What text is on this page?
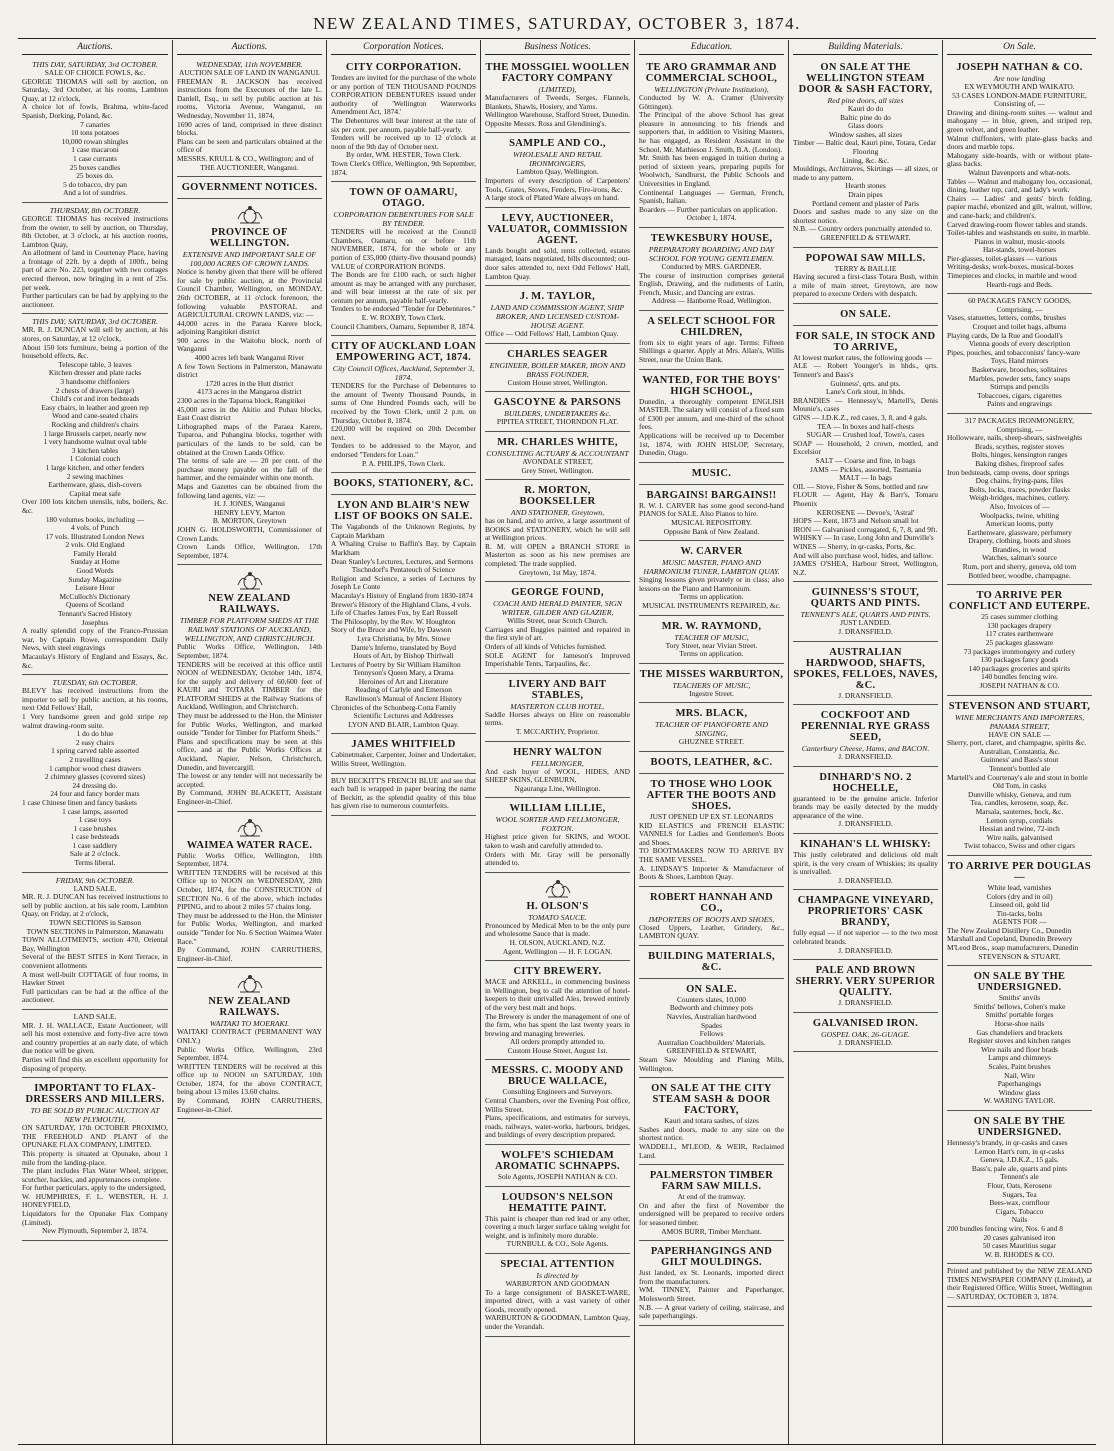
NEW ZEALAND TIMES, SATURDAY, OCTOBER 3, 1874.
Auctions.
THIS DAY, SATURDAY, 3rd OCTOBER.
SALE OF CHOICE FOWLS, &c.
GEORGE THOMAS will sell by auction, on Saturday, 3rd October, at his rooms, Lambton Quay, at 12 o'clock,
A choice lot of fowls, Brahma, white-faced Spanish, Dorking, Poland, &c.
7 canaries
10 tons potatoes
10,000 rowan shingles
1 case macaroni
1 case currants
25 boxes candles
25 boxes do.
5 do tobacco, dry pan
And a lot of sundries.
THURSDAY, 8th OCTOBER.
GEORGE THOMAS has received instructions from the owner, to sell by auction, on Thursday, 8th October, at 3 o'clock, at his auction rooms, Lambton Quay,
An allotment of land in Courtenay Place, having a frontage of 22ft. by a depth of 100ft., being part of acre No. 223, together with two cottages erected thereon, now bringing in a rent of 25s. per week.
Further particulars can be had by applying to the auctioneer.
THIS DAY, SATURDAY, 3rd OCTOBER.
MR. R. J. DUNCAN will sell by auction, at his stores, on Saturday, at 12 o'clock,
About 150 lots furniture, being a portion of the household effects, &c.
Telescope table, 3 leaves
Kitchen dresser and plate racks
3 handsome chiffoniers
2 chests of drawers (large)
Child's cot and iron bedsteads
Easy chairs, in leather and green rep
Wood and cane-seated chairs
Rocking and children's chairs
1 large Brussels carpet, nearly new
1 very handsome walnut oval table
3 kitchen tables
1 Colonial couch
1 large kitchen, and other fenders
2 sewing machines
Earthenware, glass, dish-covers
Capital meat safe
Over 100 lots kitchen utensils, tubs, boilers, &c. &c.
180 volumes books, including —
4 vols. of Punch
17 vols. Illustrated London News
2 vols. Old England
Family Herald
Sunday at Home
Good Words
Sunday Magazine
Leisure Hour
McCulloch's Dictionary
Queens of Scotland
Tennant's Sacred History
Josephus
A really splendid copy of the Franco-Prussian war, by Captain Rowe, correspondent Daily News, with steel engravings
Macaulay's History of England and Essays, &c. &c.
TUESDAY, 6th OCTOBER.
BLEVY has received instructions from the importer to sell by public auction, at his rooms, next Odd Fellows' Hall,
1 Very handsome green and gold stripe rep walnut drawing-room suite.
1 do do blue
2 easy chairs
1 spring carved table assorted
2 travelling cases
1 camphor wood chest drawers
2 chimney glasses (covered sizes)
24 dressing do.
24 four and fancy border mats
1 case Chinese linen and fancy baskets
1 case lamps, assorted
1 case toys
1 case brushes
1 case bedsteads
1 case saddlery
Sale at 2 o'clock.
Terms liberal.
FRIDAY, 9th OCTOBER.
LAND SALE.
MR. R. J. DUNCAN has received instructions to sell by public auction, at his sale room, Lambton Quay, on Friday, at 2 o'clock,
TOWN SECTIONS in Samson
TOWN SECTIONS in Palmerston, Manawatu
TOWN ALLOTMENTS, section 470, Oriental Bay, Wellington
Several of the BEST SITES in Kent Terrace, in convenient allotments
A most well-built COTTAGE of four rooms, in Hawker Street
Full particulars can be had at the office of the auctioneer.
LAND SALE.
MR. J. H. WALLACE, Estate Auctioneer, will sell his most extensive and forty-five acre town and country properties at an early date, of which due notice will be given.
Parties will find this an excellent opportunity for disposing of property.
IMPORTANT TO FLAX-DRESSERS AND MILLERS.
TO BE SOLD BY PUBLIC AUCTION AT NEW PLYMOUTH,
ON SATURDAY, 17th OCTOBER PROXIMO, THE FREEHOLD AND PLANT of the OPUNAKE FLAX COMPANY, LIMITED.
This property is situated at Opunake, about 1 mile from the landing-place.
The plant includes Flax Water Wheel, stripper, scutcher, hackles, and appurtenances complete.
For further particulars, apply to the undersigned,
W. HUMPHRIES, F. L. WEBSTER, H. J. HONEYFIELD,
Liquidators for the Opunake Flax Company (Limited).
New Plymouth, September 2, 1874.
Auctions.
WEDNESDAY, 11th NOVEMBER.
AUCTION SALE OF LAND IN WANGANUI.
FREEMAN R. JACKSON has received instructions from the Executors of the late L. Danlell, Esq., to sell by public auction at his rooms, Victoria Avenue, Wanganui, on Wednesday, November 11, 1874,
1690 acres of land, comprised in three distinct blocks.
Plans can be seen and particulars obtained at the office of
MESSRS. KRULL & CO., Wellington; and of
THE AUCTIONEER, Wanganui.
GOVERNMENT NOTICES.
PROVINCE OF WELLINGTON.
EXTENSIVE AND IMPORTANT SALE OF 100,000 ACRES OF CROWN LANDS.
Notice is hereby given that there will be offered for sale by public auction, at the Provincial Council Chamber, Wellington, on MONDAY, 26th OCTOBER, at 11 o'clock forenoon, the following valuable PASTORAL and AGRICULTURAL CROWN LANDS, viz: —
44,000 acres in the Paraea Karere block, adjoining Rangitikei district
900 acres in the Waitohu block, north of Wanganui
4000 acres left bank Wanganui River
A few Town Sections in Palmerston, Manawatu district
1720 acres in the Hutt district
4173 acres in the Mangaroa district
2300 acres in the Taparoa block, Rangitikei
45,000 acres in the Akitio and Puhau blocks, East Coast district
Lithographed maps of the Paraea Karere, Tuparoa, and Puhangina blocks, together with particulars of the lands to be sold, can be obtained at the Crown Lands Office.
The terms of sale are — 20 per cent. of the purchase money payable on the fall of the hammer, and the remainder within one month.
Maps and Gazettes can be obtained from the following land agents, viz: —
H. J. JONES, Wanganui
HENRY LEVY, Marton
B. MORTON, Greytown
JOHN G. HOLDSWORTH, Commissioner of Crown Lands.
Crown Lands Office, Wellington, 17th September, 1874.
NEW ZEALAND RAILWAYS.
TIMBER FOR PLATFORM SHEDS AT THE RAILWAY STATIONS OF AUCKLAND, WELLINGTON, AND CHRISTCHURCH.
Public Works Office, Wellington, 14th September, 1874.
TENDERS will be received at this office until NOON of WEDNESDAY, October 14th, 1874, for the supply and delivery of 60,600 feet of KAURI and TOTARA TIMBER for the PLATFORM SHEDS at the Railway Stations of Auckland, Wellington, and Christchurch.
They must be addressed to the Hon. the Minister for Public Works, Wellington, and marked outside "Tender for Timber for Platform Sheds."
Plans and specifications may be seen at this office, and at the Public Works Offices at Auckland, Napier, Nelson, Christchurch, Dunedin, and Invercargill.
The lowest or any tender will not necessarily be accepted.
By Command, JOHN BLACKETT, Assistant Engineer-in-Chief.
WAIMEA WATER RACE.
Public Works Office, Wellington, 10th September, 1874.
WRITTEN TENDERS will be received at this Office up to NOON on WEDNESDAY, 28th October, 1874, for the CONSTRUCTION of SECTION No. 6 of the above, which includes PIPING, and to about 2 miles 57 chains long.
They must be addressed to the Hon. the Minister for Public Works, Wellington, and marked outside "Tender for No. 6 Section Waimea Water Race."
By Command, JOHN CARRUTHERS, Engineer-in-Chief.
NEW ZEALAND RAILWAYS.
WAITAKI TO MOERAKI.
WAITAKI CONTRACT (PERMANENT WAY ONLY.)
Public Works Office, Wellington, 23rd September, 1874.
WRITTEN TENDERS will be received at this office up to NOON on SATURDAY, 10th October, 1874, for the above CONTRACT, being about 13 miles 13.60 chains.
By Command, JOHN CARRUTHERS, Engineer-in-Chief.
Corporation Notices.
CITY CORPORATION.
Tenders are invited for the purchase of the whole or any portion of TEN THOUSAND POUNDS CORPORATION DEBENTURES issued under authority of 'Wellington Waterworks Amendment Act, 1874.'
The Debentures will bear interest at the rate of six per cent. per annum, payable half-yearly.
Tenders will be received up to 12 o'clock at noon of the 9th day of October next.
By order, WM. HESTER, Town Clerk.
Town Clerk's Office, Wellington, 9th September, 1874.
TOWN OF OAMARU, OTAGO.
CORPORATION DEBENTURES FOR SALE BY TENDER.
TENDERS will be received at the Council Chambers, Oamaru, on or before 11th NOVEMBER, 1874, for the whole or any portion of £35,000 (thirty-five thousand pounds) VALUE of CORPORATION BONDS.
The Bonds are for £100 each, or such higher amount as may be arranged with any purchaser, and will bear interest at the rate of six per centum per annum, payable half-yearly.
Tenders to be endorsed "Tender for Debentures."
E. W. ROXBY, Town Clerk.
Council Chambers, Oamaru, September 8, 1874.
CITY OF AUCKLAND LOAN EMPOWERING ACT, 1874.
City Council Offices, Auckland, September 3, 1874.
TENDERS for the Purchase of Debentures to the amount of Twenty Thousand Pounds, in sums of One Hundred Pounds each, will be received by the Town Clerk, until 2 p.m. on Thursday, October 8, 1874.
£20,000 will be required on 20th December next.
Tenders to be addressed to the Mayor, and endorsed "Tenders for Loan."
P. A. PHILIPS, Town Clerk.
BOOKS, STATIONERY, &C.
LYON AND BLAIR'S NEW LIST OF BOOKS ON SALE.
The Vagabonds of the Unknown Regions, by Captain Markham
A Whaling Cruise to Baffin's Bay, by Captain Markham
Dean Stanley's Lectures, Lectures, and Sermons
Tischndorf's Pentateuch of Science
Religion and Science, a series of Lectures by Joseph Le Conte
Macaulay's History of England from 1830-1874
Brewer's History of the Highland Clans, 4 vols.
Life of Charles James Fox, by Earl Russell
The Philosophy, by the Rev. W. Houghton
Story of the Bruce and Wife, by Dawson
Lyra Christiana, by Mrs. Stowe
Dante's Inferno, translated by Boyd
Hours of Art, by Bishop Thirlwall
Lectures of Poetry by Sir William Hamilton
Tennyson's Queen Mary, a Drama
Heroines of Art and Literature
Reading of Carlyle and Emerson
Rawlinson's Manual of Ancient History
Chronicles of the Schonberg-Cotta Family
Scientific Lectures and Addresses
LYON AND BLAIR, Lambton Quay.
JAMES WHITFIELD
Cabinetmaker, Carpenter, Joiner and Undertaker, Willis Street, Wellington.
BUY BECKITT'S FRENCH BLUE and see that each ball is wrapped in paper bearing the name of Beckitt, as the splendid quality of this blue has given rise to numerous counterfeits.
Business Notices.
THE MOSSGIEL WOOLLEN FACTORY COMPANY
(LIMITED),
Manufacturers of Tweeds, Serges, Flannels, Blankets, Shawls, Hosiery, and Yarns.
Wellington Warehouse, Stafford Street, Dunedin.
Opposite Messrs. Ross and Glendining's.
SAMPLE AND CO.,
WHOLESALE AND RETAIL IRONMONGERS,
Lambton Quay, Wellington.
Importers of every description of Carpenters' Tools, Grates, Stoves, Fenders, Fire-irons, &c.
A large stock of Plated Ware always on hand.
LEVY, AUCTIONEER, VALUATOR, COMMISSION AGENT.
Lands bought and sold, rents collected, estates managed, loans negotiated, bills discounted; out-door sales attended to, next Odd Fellows' Hall, Lambton Quay.
J. M. TAYLOR,
LAND AND COMMISSION AGENT, SHIP BROKER, AND LICENSED CUSTOM-HOUSE AGENT.
Office — Odd Fellows' Hall, Lambton Quay.
CHARLES SEAGER
ENGINEER, BOILER MAKER, IRON AND BRASS FOUNDER,
Custom House street, Wellington.
GASCOYNE & PARSONS
BUILDERS, UNDERTAKERS &c.
PIPITEA STREET, THORNDON FLAT.
MR. CHARLES WHITE,
CONSULTING ACTUARY & ACCOUNTANT
AVONDALE STREET,
Grey Street, Wellington.
R. MORTON, BOOKSELLER
AND STATIONER, Greytown,
has on hand, and to arrive, a large assortment of BOOKS and STATIONERY, which he will sell at Wellington prices.
R. M. will OPEN a BRANCH STORE in Masterton as soon as his new premises are completed. The trade supplied.
Greytown, 1st May, 1874.
GEORGE FOUND,
COACH AND HERALD PAINTER, SIGN WRITER, GILDER AND GLAZIER,
Willis Street, near Scotch Church.
Carriages and Buggies painted and repaired in the first style of art.
Orders of all kinds of Vehicles furnished.
SOLE AGENT for Jameson's Improved Imperishable Tents, Tarpaulins, &c.
LIVERY AND BAIT STABLES,
MASTERTON CLUB HOTEL.
Saddle Horses always on Hire on reasonable terms.
T. MCCARTHY, Proprietor.
HENRY WALTON
FELLMONGER,
And cash buyer of WOOL, HIDES, AND SHEEP SKINS, GLENBURN,
Ngauranga Line, Wellington.
WILLIAM LILLIE,
WOOL SORTER AND FELLMONGER, FOXTON.
Highest price given for SKINS, and WOOL taken to wash and carefully attended to.
Orders with Mr. Gray will be personally attended to.
H. OLSON'S
TOMATO SAUCE.
Pronounced by Medical Men to be the only pure and wholesome Sauce that is made.
H. OLSON, AUCKLAND, N.Z.
Agent, Wellington — H. F. LOGAN.
CITY BREWERY.
MACE and ARKELL, in commencing business in Wellington, beg to call the attention of hotel-keepers to their unrivalled Ales, brewed entirely of the very best malt and hops.
The Brewery is under the management of one of the firm, who has spent the last twenty years in brewing and managing breweries.
All orders promptly attended to.
Custom House Street, August 1st.
MESSRS. C. MOODY AND BRUCE WALLACE,
Consulting Engineers and Surveyors.
Central Chambers, over the Evening Post office, Willis Street.
Plans, specifications, and estimates for surveys, roads, railways, water-works, harbours, bridges, and buildings of every description prepared.
WOLFE'S SCHIEDAM AROMATIC SCHNAPPS.
Sole Agents, JOSEPH NATHAN & CO.
LOUDSON'S NELSON HEMATITE PAINT.
This paint is cheaper than red lead or any other, covering a much larger surface taking weight for weight, and is infinitely more durable.
TURNBULL & CO., Sole Agents.
SPECIAL ATTENTION
Is directed by
WARBURTON AND GOODMAN
To a large consignment of BASKET-WARE, imported direct, with a vast variety of other Goods, recently opened.
WARBURTON & GOODMAN, Lambton Quay, under the Verandah.
Education.
TE ARO GRAMMAR AND COMMERCIAL SCHOOL,
WELLINGTON (Private Institution),
Conducted by W. A. Cramer (University Göttingen).
The Principal of the above School has great pleasure in announcing to his friends and supporters that, in addition to Visiting Masters, he has engaged, as Resident Assistant in the School, Mr. Mathieson J. Smith, B.A. (London).
Mr. Smith has been engaged in tuition during a period of sixteen years, preparing pupils for Woolwich, Sandhurst, the Public Schools and Universities in England.
Continental Languages — German, French, Spanish, Italian.
Boarders — Further particulars on application.
October 1, 1874.
TEWKESBURY HOUSE,
PREPARATORY BOARDING AND DAY SCHOOL FOR YOUNG GENTLEMEN.
Conducted by MRS. GARDNER.
The course of instruction comprises general English, Drawing, and the rudiments of Latin, French, Music, and Dancing are extras.
Address — Hanborne Road, Wellington.
A SELECT SCHOOL FOR CHILDREN,
from six to eight years of age. Terms: Fifteen Shillings a quarter. Apply at Mrs. Allan's, Willis Street, near the Union Bank.
WANTED, FOR THE BOYS' HIGH SCHOOL,
Dunedin, a thoroughly competent ENGLISH MASTER. The salary will consist of a fixed sum of £300 per annum, and one-third of the school fees.
Applications will be received up to December 1st, 1874, with JOHN HISLOP, Secretary, Dunedin, Otago.
MUSIC.
BARGAINS! BARGAINS!!
R. W. I. CARVER has some good second-hand PIANOS for SALE. Also Pianos to hire.
MUSICAL REPOSITORY.
Opposite Bank of New Zealand.
W. CARVER
MUSIC MASTER, PIANO AND HARMONIUM TUNER, LAMBTON QUAY.
Singing lessons given privately or in class; also lessons on the Piano and Harmonium.
Terms on application.
MUSICAL INSTRUMENTS REPAIRED, &c.
MR. W. RAYMOND,
TEACHER OF MUSIC,
Tory Street, near Vivian Street.
Terms on application.
THE MISSES WARBURTON,
TEACHERS OF MUSIC,
Ingestre Street.
MRS. BLACK,
TEACHER OF PIANOFORTE AND SINGING,
GHUZNEE STREET.
BOOTS, LEATHER, &C.
TO THOSE WHO LOOK AFTER THE BOOTS AND SHOES.
JUST OPENED UP EX ST. LEONARDS
KID ELASTICS and FRENCH ELASTIC VANNELS for Ladies and Gentlemen's Boots and Shoes.
TO BOOTMAKERS NOW TO ARRIVE BY THE SAME VESSEL.
A. LINDSAY'S Importer & Manufacturer of Boots & Shoes, Lambton Quay.
ROBERT HANNAH AND CO.,
IMPORTERS OF BOOTS AND SHOES,
Closed Uppers, Leather, Grindery, &c., LAMBTON QUAY.
BUILDING MATERIALS, &C.
ON SALE.
Counters slates, 10,000
Bedworth and chimney pots
Navvies, Australian hardwood
Spades
Fellows
Australian Coachbuilders' Materials.
GREENFIELD & STEWART,
Steam Saw Moulding and Planing Mills, Wellington.
ON SALE AT THE CITY STEAM SASH & DOOR FACTORY,
Kauri and totara sashes, of sizes
Sashes and doors, made to any size on the shortest notice.
WADDELL, M'LEOD, & WEIR, Reclaimed Land.
PALMERSTON TIMBER FARM SAW MILLS.
At end of the tramway.
On and after the first of November the undersigned will be prepared to receive orders for seasoned timber.
AMOS BURR, Timber Merchant.
PAPERHANGINGS AND GILT MOULDINGS.
Just landed, ex St. Leonards, imported direct from the manufacturers.
WM. TINNEY, Painter and Paperhanger, Molesworth Street.
N.B. — A great variety of ceiling, staircase, and sale paperhangings.
Building Materials.
ON SALE AT THE WELLINGTON STEAM DOOR & SASH FACTORY,
Red pine doors, all sizes
Kauri do do
Baltic pine do do
Glass doors
Window sashes, all sizes
Timber — Baltic deal, Kauri pine, Totara, Cedar
Flooring
Lining, &c. &c.
Mouldings, Architraves, Skirtings — all sizes, or made to any pattern.
Hearth stones
Drain pipes
Portland cement and plaster of Paris
Doors and sashes made to any size on the shortest notice.
N.B. — Country orders punctually attended to.
GREENFIELD & STEWART.
POPOWAI SAW MILLS.
TERRY & BAILLIE
Having secured a first-class Totara Bush, within a mile of main street, Greytown, are now prepared to execute Orders with despatch.
ON SALE.
FOR SALE, IN STOCK AND TO ARRIVE,
At lowest market rates, the following goods —
ALE — Robert Younger's in hhds., qrts. Tennent's and Bass's
Guinness', qrts. and pts.
Lane's Cork stout, in hhds.
BRANDIES — Hennessy's, Martell's, Denis Mounie's, cases
GINS — J.D.K.Z., red cases, 3, 8, and 4 gals.
TEA — In boxes and half-chests
SUGAR — Crushed loaf, Town's, cases
SOAP — Household, 2 crown, mottled, and Excelsior
SALT — Coarse and fine, in bags
JAMS — Pickles, assorted, Tasmania
MALT — In bags
OIL — Stove, Fisher & Sons, bottled and raw
FLOUR — Agent, Hay & Barr's, Tomaru Phoenix
KEROSENE — Devoe's, 'Astral'
HOPS — Kent, 1873 and Nelson small lot
IRON — Galvanised corrugated, 6, 7, 8, and 9ft.
WHISKY — In case, Long John and Dunville's
WINES — Sherry, in qr-casks, Ports, &c.
And will also purchase wool, hides, and tallow.
JAMES O'SHEA, Harbour Street, Wellington, N.Z.
GUINNESS'S STOUT, QUARTS AND PINTS.
TENNENT'S ALE, QUARTS AND PINTS.
JUST LANDED.
J. DRANSFIELD.
AUSTRALIAN HARDWOOD, SHAFTS, SPOKES, FELLOES, NAVES, &C.
J. DRANSFIELD.
COCKFOOT AND PERENNIAL RYE GRASS SEED,
Canterbury Cheese, Hams, and BACON.
J. DRANSFIELD.
DINHARD'S NO. 2 HOCHELLE,
guaranteed to be the genuine article. Inferior brands may be easily detected by the muddy appearance of the wine.
J. DRANSFIELD.
KINAHAN'S LL WHISKY:
This justly celebrated and delicious old malt spirit, is the very cream of Whiskies; its quality is unrivalled.
J. DRANSFIELD.
CHAMPAGNE VINEYARD, PROPRIETORS' CASK BRANDY,
fully equal — if not superior — to the two most celebrated brands.
J. DRANSFIELD.
PALE AND BROWN SHERRY. VERY SUPERIOR QUALITY.
J. DRANSFIELD.
GALVANISED IRON.
GOSPEL OAK, 26-GUAGE.
J. DRANSFIELD.
On Sale.
JOSEPH NATHAN & CO.
Are now landing
EX WEYMOUTH AND WAIKATO.
53 CASES LONDON-MADE FURNITURE,
Consisting of, —
Drawing and dining-room suites — walnut and mahogany — in blue, green, and striped rep, green velvet, and green leather.
Walnut chiffoniers, with plate-glass backs and doors and marble tops.
Mahogany side-boards, with or without plate-glass backs.
Walnut Davenports and what-nots.
Tables — Walnut and mahogany loo, occasional, dining, leather top, card, and lady's work.
Chairs — Ladies' and gents' birch folding, papier maché, ebonized and gilt, walnut, willow, and cane-back; and children's.
Carved drawing-room flower tables and stands.
Toilet-tables and washstands en suite, in marble.
Pianos in walnut, music-stools
Hat-stands, towel-horses
Pier-glasses, toilet-glasses — various
Writing-desks, work-boxes, musical-boxes
Timepieces and clocks, in marble and wood
Hearth-rugs and Beds.
60 PACKAGES FANCY GOODS,
Comprising, —
Vases, statuettes, letters, combs, brushes
Croquet and toilet bags, albums
Playing cards, De la Rue and Goodall's
Vienna goods of every description
Pipes, pouches, and tobacconists' fancy-ware
Toys, Hand mirrors
Basketware, brooches, solitaires
Marbles, powder sets, fancy soaps
Stirrups and pencils
Tobaccoes, cigars, cigarettes
Paints and engravings
317 PACKAGES IRONMONGERY,
Comprising, —
Hollowware, nails, sheep-shears, sashweights
Brads, scythes, register stoves
Bolts, hinges, kensington ranges
Baking dishes, fireproof safes
Iron bedsteads, camp ovens, door springs
Dog chains, frying-pans, files
Bolts, locks, traces, powder flasks
Weigh-bridges, machines, cutlery.
Also, Invoices of —
Woolpacks, twine, whiting
American looms, putty
Earthenware, glassware, perfumery
Drapery, clothing, boots and shoes
Brandies, in wood
Watches, salman's source
Rum, port and sherry, geneva, old tom
Bottled beer, woodbe, champagne.
TO ARRIVE PER CONFLICT AND EUTERPE.
25 cases summer clothing
130 packages drapery
117 crates earthenware
25 packages glassware
73 packages ironmongery and cutlery
130 packages fancy goods
140 packages groceries and spirits
140 bundles fencing wire.
JOSEPH NATHAN & CO.
STEVENSON AND STUART,
WINE MERCHANTS AND IMPORTERS, PANAMA STREET,
HAVE ON SALE —
Sherry, port, claret, and champagne, spirits &c.
Australian, Constantia, &c.
Guinness' and Bass's stout
Tennent's bottled ale
Martell's and Courtenay's ale and stout in bottle
Old Tom, in casks
Dunville whisky, Geneva, and rum
Tea, candles, kerosene, soap, &c.
Marsala, sauternes, hock, &c.
Lemon syrup, cordials
Hessian and twine, 72-inch
Wire nails, galvanised
Twist tobacco, Swiss and other cigars
TO ARRIVE PER DOUGLAS —
White lead, varnishes
Colors (dry and in oil)
Linseed oil, gold lid
Tin-tacks, bolts
AGENTS FOR —
The New Zealand Distillery Co., Dunedin
Marshall and Copeland, Dunedin Brewery
M'Leod Bros., soap manufacturers, Dunedin
STEVENSON & STUART.
ON SALE BY THE UNDERSIGNED.
Smiths' anvils
Smiths' bellows, Cohen's make
Smiths' portable forges
Horse-shoe nails
Gas chandeliers and brackets
Register stoves and kitchen ranges
Wire nails and floor brads
Lamps and chimneys
Scales, Paint brushes
Nail, Wire
Paperhangings
Window glass
W. WARING TAYLOR.
ON SALE BY THE UNDERSIGNED.
Hennessy's brandy, in qr-casks and cases
Lemon Hart's rum, in qr-casks
Geneva, J.D.K.Z., 15 gals.
Bass's, pale ale, quarts and pints
Tennent's ale
Flour, Oats, Kerosene
Sugars, Tea
Bees-wax, cornflour
Cigars, Tobacco
Nails
200 bundles fencing wire, Nos. 6 and 8
20 cases galvanised iron
50 cases Mauritius sugar
W. B. RHODES & CO.
Printed and published by the NEW ZEALAND TIMES NEWSPAPER COMPANY (Limited), at their Registered Office, Willis Street, Wellington — SATURDAY, OCTOBER 3, 1874.
